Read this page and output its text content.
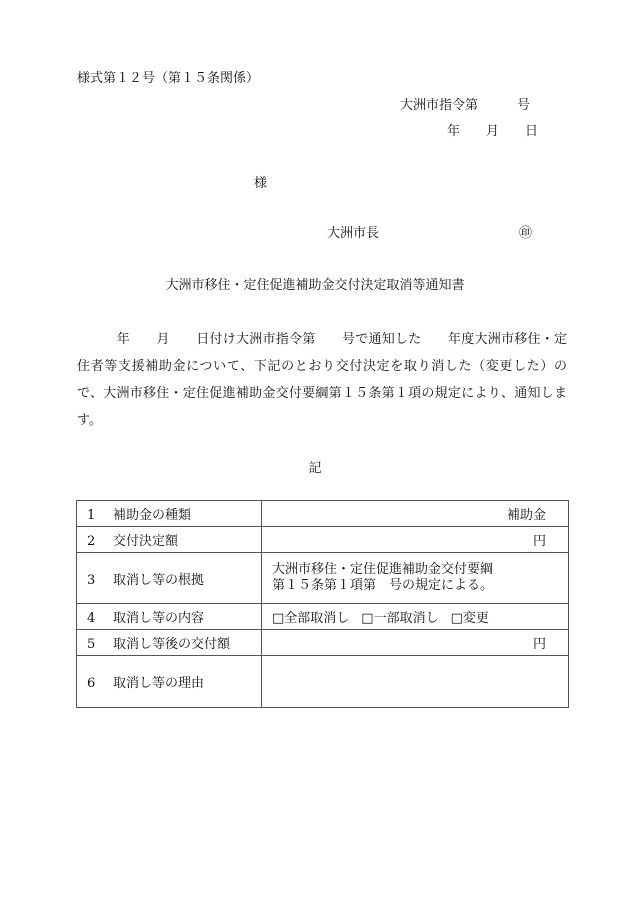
様式第１２号（第１５条関係）
大洲市指令第　　　号
年　　月　　日
様
大洲市長	㊞
大洲市移住・定住促進補助金交付決定取消等通知書
　　　年　　月　　日付け大洲市指令第　　号で通知した　　年度大洲市移住・定住者等支援補助金について、下記のとおり交付決定を取り消した（変更した）ので、大洲市移住・定住促進補助金交付要綱第１５条第１項の規定により、通知します。
記
1 補助金の種類	補助金
2 交付決定額	円
3 取消し等の根拠	大洲市移住・定住促進補助金交付要綱
第１５条第１項第　号の規定による。

4 取消し等の内容	□全部取消し □一部取消し □変更
5 取消し等後の交付額	円
6 取消し等の理由	
